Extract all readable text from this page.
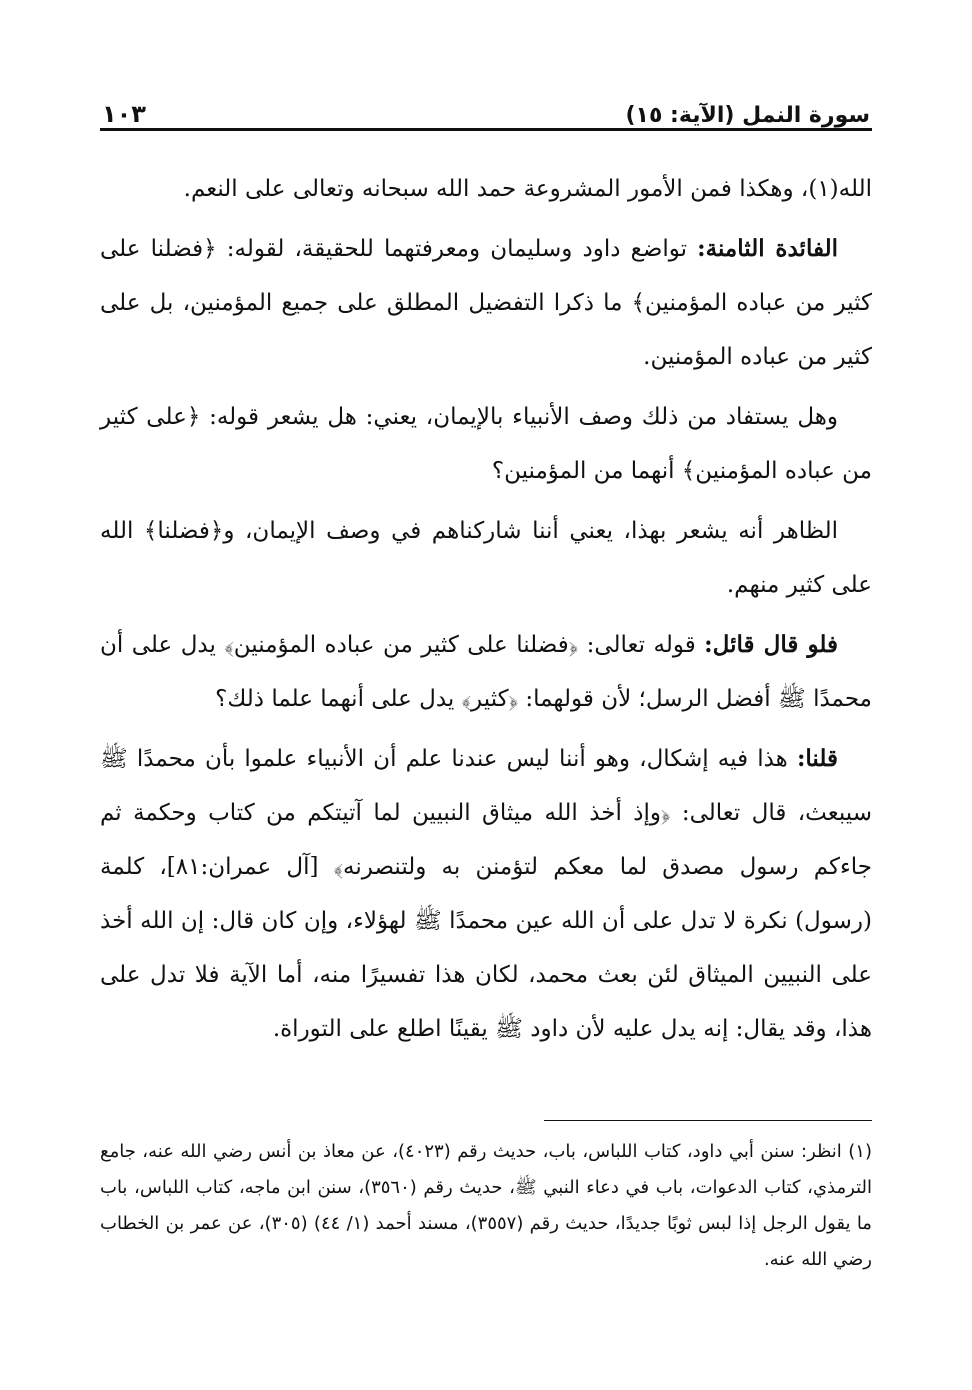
سورة النمل (الآية: ١٥)
١٠٣

الله(١)، وهكذا فمن الأمور المشروعة حمد الله سبحانه وتعالى على النعم.

الفائدة الثامنة: تواضع داود وسليمان ومعرفتهما للحقيقة، لقوله: ﴿فضلنا على كثير من عباده المؤمنين﴾ ما ذكرا التفضيل المطلق على جميع المؤمنين، بل على كثير من عباده المؤمنين.

وهل يستفاد من ذلك وصف الأنبياء بالإيمان، يعني: هل يشعر قوله: ﴿على كثير من عباده المؤمنين﴾ أنهما من المؤمنين؟

الظاهر أنه يشعر بهذا، يعني أننا شاركناهم في وصف الإيمان، و﴿فضلنا﴾ الله على كثير منهم.

فلو قال قائل: قوله تعالى: ﴿فضلنا على كثير من عباده المؤمنين﴾ يدل على أن محمدًا ﷺ أفضل الرسل؛ لأن قولهما: ﴿كثير﴾ يدل على أنهما علما ذلك؟

قلنا: هذا فيه إشكال، وهو أننا ليس عندنا علم أن الأنبياء علموا بأن محمدًا ﷺ سيبعث، قال تعالى: ﴿وإذ أخذ الله ميثاق النبيين لما آتيتكم من كتاب وحكمة ثم جاءكم رسول مصدق لما معكم لتؤمنن به ولتنصرنه﴾ [آل عمران:٨١]، كلمة (رسول) نكرة لا تدل على أن الله عين محمدًا ﷺ لهؤلاء، وإن كان قال: إن الله أخذ على النبيين الميثاق لئن بعث محمد، لكان هذا تفسيرًا منه، أما الآية فلا تدل على هذا، وقد يقال: إنه يدل عليه لأن داود ﷺ يقينًا اطلع على التوراة.

(١) انظر: سنن أبي داود، كتاب اللباس، باب، حديث رقم (٤٠٢٣)، عن معاذ بن أنس رضي الله عنه، جامع الترمذي، كتاب الدعوات، باب في دعاء النبي ﷺ، حديث رقم (٣٥٦٠)، سنن ابن ماجه، كتاب اللباس، باب ما يقول الرجل إذا لبس ثوبًا جديدًا، حديث رقم (٣٥٥٧)، مسند أحمد (١/ ٤٤) (٣٠٥)، عن عمر بن الخطاب رضي الله عنه.
